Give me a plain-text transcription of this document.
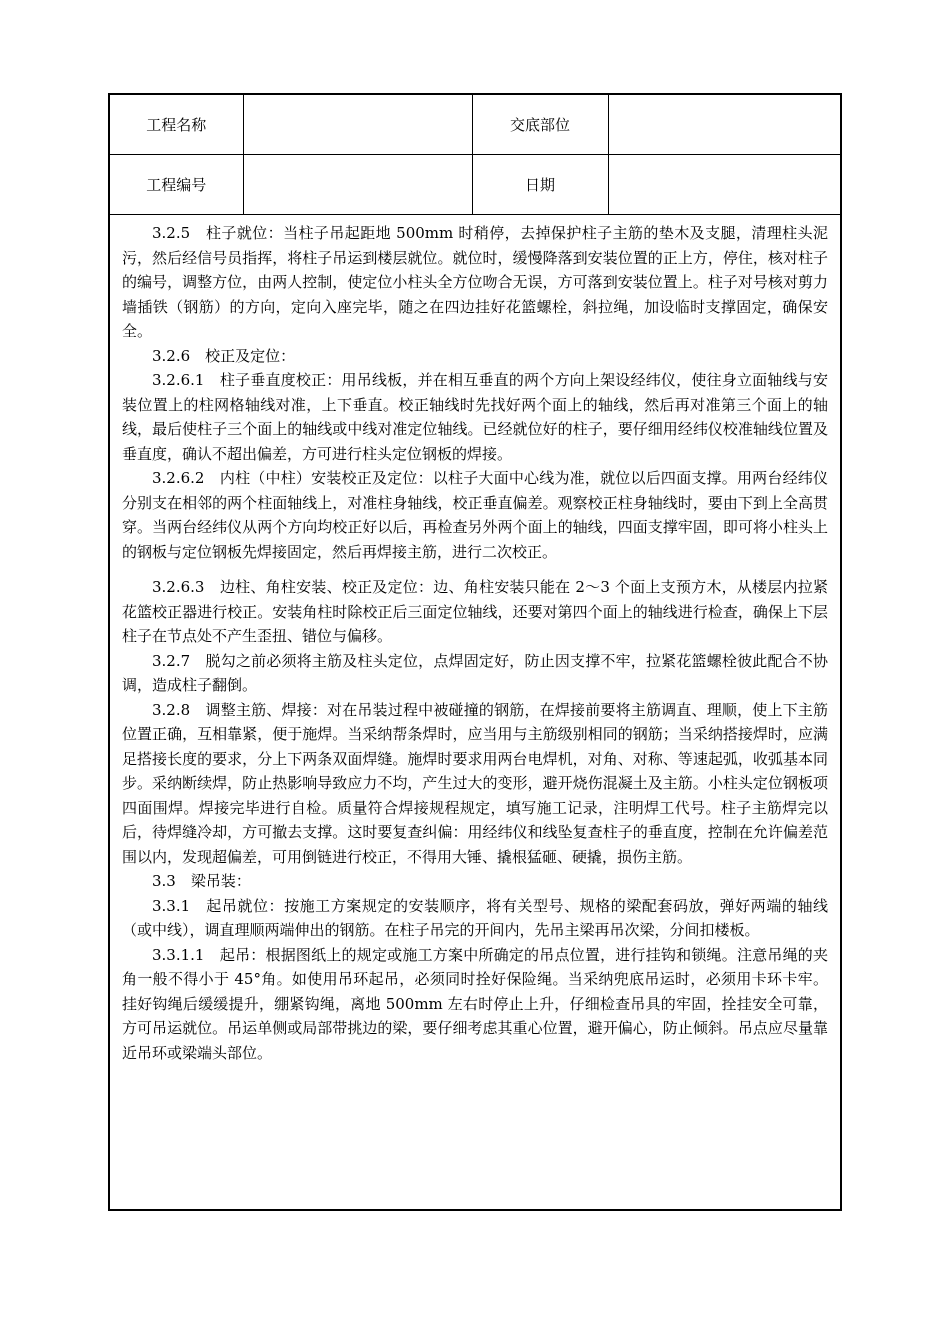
工程名称		交底部位	
工程编号		日期	

3.2.5　柱子就位：当柱子吊起距地 500mm 时稍停，去掉保护柱子主筋的垫木及支腿，清理柱头泥污，然后经信号员指挥，将柱子吊运到楼层就位。就位时，缓慢降落到安装位置的正上方，停住，核对柱子的编号，调整方位，由两人控制，使定位小柱头全方位吻合无误，方可落到安装位置上。柱子对号核对剪力墙插铁（钢筋）的方向，定向入座完毕，随之在四边挂好花篮螺栓，斜拉绳，加设临时支撑固定，确保安全。

3.2.6　校正及定位：

3.2.6.1　柱子垂直度校正：用吊线板，并在相互垂直的两个方向上架设经纬仪，使往身立面轴线与安装位置上的柱网格轴线对准，上下垂直。校正轴线时先找好两个面上的轴线，然后再对准第三个面上的轴线，最后使柱子三个面上的轴线或中线对准定位轴线。已经就位好的柱子，要仔细用经纬仪校准轴线位置及垂直度，确认不超出偏差，方可进行柱头定位钢板的焊接。

3.2.6.2　内柱（中柱）安装校正及定位：以柱子大面中心线为准，就位以后四面支撑。用两台经纬仪分别支在相邻的两个柱面轴线上，对准柱身轴线，校正垂直偏差。观察校正柱身轴线时，要由下到上全高贯穿。当两台经纬仪从两个方向均校正好以后，再检查另外两个面上的轴线，四面支撑牢固，即可将小柱头上的钢板与定位钢板先焊接固定，然后再焊接主筋，进行二次校正。

3.2.6.3　边柱、角柱安装、校正及定位：边、角柱安装只能在 2～3 个面上支预方木，从楼层内拉紧花篮校正器进行校正。安装角柱时除校正后三面定位轴线，还要对第四个面上的轴线进行检查，确保上下层柱子在节点处不产生歪扭、错位与偏移。

3.2.7　脱勾之前必须将主筋及柱头定位，点焊固定好，防止因支撑不牢，拉紧花篮螺栓彼此配合不协调，造成柱子翻倒。

3.2.8　调整主筋、焊接：对在吊装过程中被碰撞的钢筋，在焊接前要将主筋调直、理顺，使上下主筋位置正确，互相靠紧，便于施焊。当采纳帮条焊时，应当用与主筋级别相同的钢筋；当采纳搭接焊时，应满足搭接长度的要求，分上下两条双面焊缝。施焊时要求用两台电焊机，对角、对称、等速起弧，收弧基本同步。采纳断续焊，防止热影响导致应力不均，产生过大的变形，避开烧伤混凝土及主筋。小柱头定位钢板项四面围焊。焊接完毕进行自检。质量符合焊接规程规定，填写施工记录，注明焊工代号。柱子主筋焊完以后，待焊缝冷却，方可撤去支撑。这时要复查纠偏：用经纬仪和线坠复查柱子的垂直度，控制在允许偏差范围以内，发现超偏差，可用倒链进行校正，不得用大锤、撬根猛砸、硬撬，损伤主筋。

3.3　梁吊装：

3.3.1　起吊就位：按施工方案规定的安装顺序，将有关型号、规格的梁配套码放，弹好两端的轴线（或中线），调直理顺两端伸出的钢筋。在柱子吊完的开间内，先吊主梁再吊次梁，分间扣楼板。

3.3.1.1　起吊：根据图纸上的规定或施工方案中所确定的吊点位置，进行挂钩和锁绳。注意吊绳的夹角一般不得小于 45°角。如使用吊环起吊，必须同时拴好保险绳。当采纳兜底吊运时，必须用卡环卡牢。挂好钩绳后缓缓提升，绷紧钩绳，离地 500mm 左右时停止上升，仔细检查吊具的牢固，拴挂安全可靠，方可吊运就位。吊运单侧或局部带挑边的梁，要仔细考虑其重心位置，避开偏心，防止倾斜。吊点应尽量靠近吊环或梁端头部位。
